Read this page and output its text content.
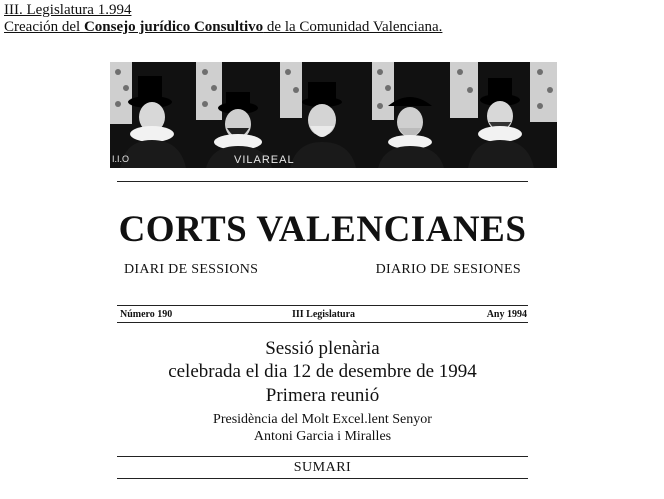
III. Legislatura 1.994
Creación del Consejo jurídico Consultivo de la Comunidad Valenciana.
I.I.O	VILAREAL
CORTS VALENCIANES
DIARI DE SESSIONS	DIARIO DE SESIONES
Número 190	III Legislatura	Any 1994
Sessió plenària
celebrada el dia 12 de desembre de 1994
Primera reunió
Presidència del Molt Excel.lent Senyor
Antoni Garcia i Miralles
SUMARI
